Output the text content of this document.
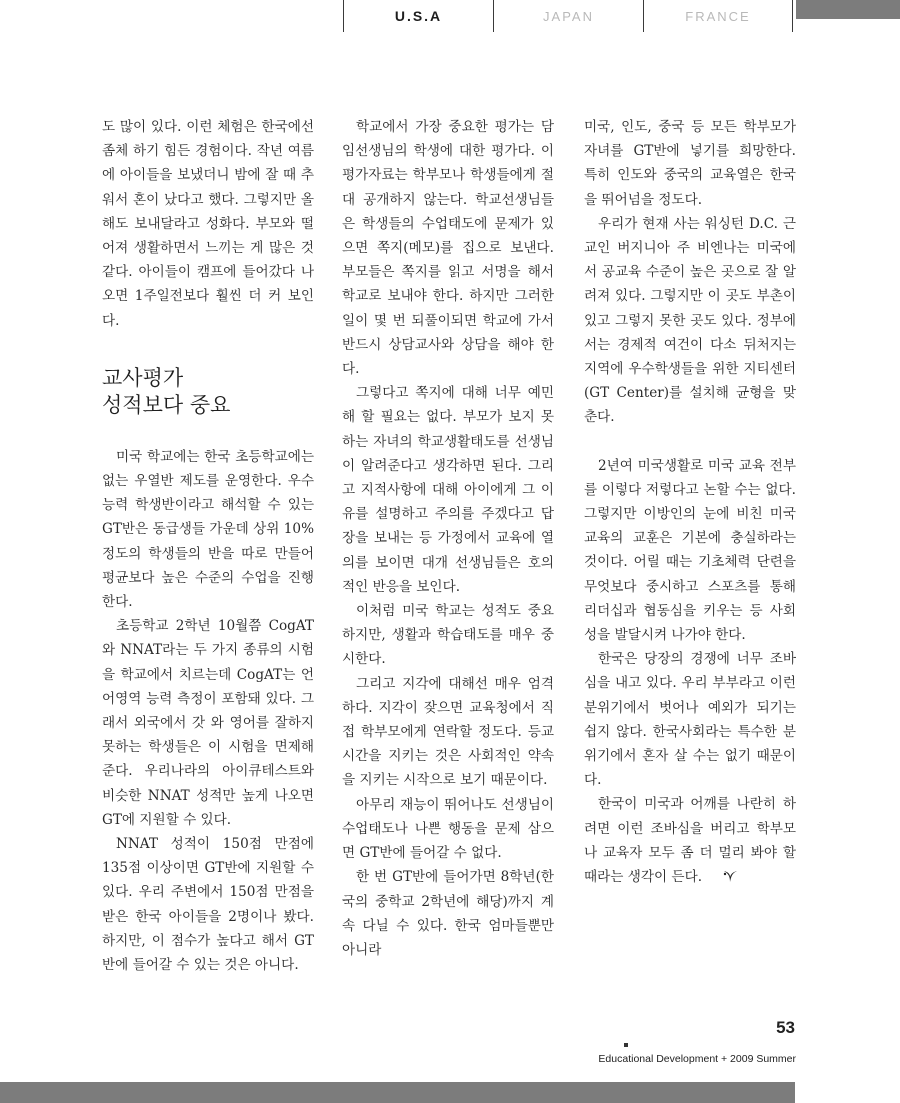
U.S.A	JAPAN	FRANCE

도 많이 있다. 이런 체험은 한국에선 좀체 하기 힘든 경험이다. 작년 여름에 아이들을 보냈더니 밤에 잘 때 추워서 혼이 났다고 했다. 그렇지만 올해도 보내달라고 성화다. 부모와 떨어져 생활하면서 느끼는 게 많은 것 같다. 아이들이 캠프에 들어갔다 나오면 1주일전보다 훨씬 더 커 보인다.

교사평가
성적보다 중요

미국 학교에는 한국 초등학교에는 없는 우열반 제도를 운영한다. 우수능력 학생반이라고 해석할 수 있는 GT반은 동급생들 가운데 상위 10% 정도의 학생들의 반을 따로 만들어 평균보다 높은 수준의 수업을 진행한다.

초등학교 2학년 10월쯤 CogAT와 NNAT라는 두 가지 종류의 시험을 학교에서 치르는데 CogAT는 언어영역 능력 측정이 포함돼 있다. 그래서 외국에서 갓 와 영어를 잘하지 못하는 학생들은 이 시험을 면제해준다. 우리나라의 아이큐테스트와 비슷한 NNAT 성적만 높게 나오면 GT에 지원할 수 있다.

NNAT 성적이 150점 만점에 135점 이상이면 GT반에 지원할 수 있다. 우리 주변에서 150점 만점을 받은 한국 아이들을 2명이나 봤다. 하지만, 이 점수가 높다고 해서 GT반에 들어갈 수 있는 것은 아니다.

학교에서 가장 중요한 평가는 담임선생님의 학생에 대한 평가다. 이 평가자료는 학부모나 학생들에게 절대 공개하지 않는다. 학교선생님들은 학생들의 수업태도에 문제가 있으면 쪽지(메모)를 집으로 보낸다. 부모들은 쪽지를 읽고 서명을 해서 학교로 보내야 한다. 하지만 그러한 일이 몇 번 되풀이되면 학교에 가서 반드시 상담교사와 상담을 해야 한다.

그렇다고 쪽지에 대해 너무 예민해 할 필요는 없다. 부모가 보지 못하는 자녀의 학교생활태도를 선생님이 알려준다고 생각하면 된다. 그리고 지적사항에 대해 아이에게 그 이유를 설명하고 주의를 주겠다고 답장을 보내는 등 가정에서 교육에 열의를 보이면 대개 선생님들은 호의적인 반응을 보인다.

이처럼 미국 학교는 성적도 중요하지만, 생활과 학습태도를 매우 중시한다.

그리고 지각에 대해선 매우 엄격하다. 지각이 잦으면 교육청에서 직접 학부모에게 연락할 정도다. 등교시간을 지키는 것은 사회적인 약속을 지키는 시작으로 보기 때문이다.

아무리 재능이 뛰어나도 선생님이 수업태도나 나쁜 행동을 문제 삼으면 GT반에 들어갈 수 없다.

한 번 GT반에 들어가면 8학년(한국의 중학교 2학년에 해당)까지 계속 다닐 수 있다. 한국 엄마들뿐만 아니라

미국, 인도, 중국 등 모든 학부모가 자녀를 GT반에 넣기를 희망한다. 특히 인도와 중국의 교육열은 한국을 뛰어넘을 정도다.

우리가 현재 사는 워싱턴 D.C. 근교인 버지니아 주 비엔나는 미국에서 공교육 수준이 높은 곳으로 잘 알려져 있다. 그렇지만 이 곳도 부촌이 있고 그렇지 못한 곳도 있다. 정부에서는 경제적 여건이 다소 뒤처지는 지역에 우수학생들을 위한 지티센터(GT Center)를 설치해 균형을 맞춘다.

2년여 미국생활로 미국 교육 전부를 이렇다 저렇다고 논할 수는 없다. 그렇지만 이방인의 눈에 비친 미국교육의 교훈은 기본에 충실하라는 것이다. 어릴 때는 기초체력 단련을 무엇보다 중시하고 스포츠를 통해 리더십과 협동심을 키우는 등 사회성을 발달시켜 나가야 한다.

한국은 당장의 경쟁에 너무 조바심을 내고 있다. 우리 부부라고 이런 분위기에서 벗어나 예외가 되기는 쉽지 않다. 한국사회라는 특수한 분위기에서 혼자 살 수는 없기 때문이다.

한국이 미국과 어깨를 나란히 하려면 이런 조바심을 버리고 학부모나 교육자 모두 좀 더 멀리 봐야 할 때라는 생각이 든다.

53
Educational Development + 2009 Summer
